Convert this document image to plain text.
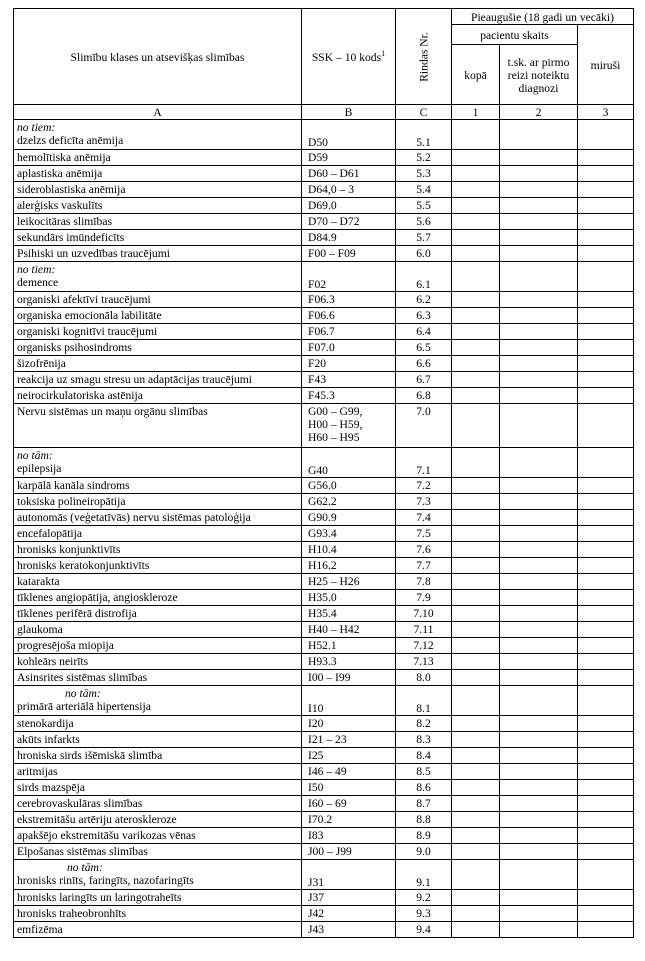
Slimību klases un atsevišķas slimības	SSK – 10 kods$^1$	Rindas Nr.	Pieaugušie (18 gadi un vecāki)		
			pacientu skaits		miruši
			kopā	t.sk. ar pirmo reizi noteiktu diagnozi	
A	B	C	1	2	3

no tiem:
dzelzs deficīta anēmija	D50	5.1			
hemolītiska anēmija	D59	5.2			
aplastiska anēmija	D60 – D61	5.3			
sideroblastiska anēmija	D64,0 – 3	5.4			
alerģisks vaskulīts	D69.0	5.5			
leikocitāras slimības	D70 – D72	5.6			
sekundārs imūndeficīts	D84.9	5.7			
Psihiski un uzvedības traucējumi	F00 – F09	6.0			

no tiem:
demence	F02	6.1			
organiski afektīvi traucējumi	F06.3	6.2			
organiska emocionāla labilitāte	F06.6	6.3			
organiski kognitīvi traucējumi	F06.7	6.4			
organisks psihosindroms	F07.0	6.5			
šizofrēnija	F20	6.6			
reakcija uz smagu stresu un adaptācijas traucējumi	F43	6.7			
neirocirkulatoriska astēnija	F45.3	6.8			
Nervu sistēmas un maņu orgānu slimības	G00 – G99,
H00 – H59,
H60 – H95	7.0			

no tām:
epilepsija	G40	7.1			
karpālā kanāla sindroms	G56.0	7.2			
toksiska polineiropātija	G62.2	7.3			
autonomās (veģetatīvās) nervu sistēmas patoloģija	G90.9	7.4			
encefalopātija	G93.4	7.5			
hronisks konjunktivīts	H10.4	7.6			
hronisks keratokonjunktivīts	H16.2	7.7			
katarakta	H25 – H26	7.8			
tīklenes angiopātija, angioskleroze	H35.0	7.9			
tīklenes perifērā distrofija	H35.4	7.10			
glaukoma	H40 – H42	7.11			
progresējoša miopija	H52.1	7.12			
kohleārs neirīts	H93.3	7.13			
Asinsrites sistēmas slimības	I00 – I99	8.0			

no tām:
primārā arteriālā hipertensija	I10	8.1			
stenokardija	I20	8.2			
akūts infarkts	I21 – 23	8.3			
hroniska sirds išēmiskā slimība	I25	8.4			
aritmijas	I46 – 49	8.5			
sirds mazspēja	I50	8.6			
cerebrovaskulāras slimības	I60 – 69	8.7			
ekstremitāšu artēriju ateroskleroze	I70.2	8.8			
apakšējo ekstremitāšu varikozas vēnas	I83	8.9			
Elpošanas sistēmas slimības	J00 – J99	9.0			

no tām:
hronisks rinīts, faringīts, nazofaringīts	J31	9.1			
hronisks laringīts un laringotraheīts	J37	9.2			
hronisks traheobronhīts	J42	9.3			
emfizēma	J43	9.4			
